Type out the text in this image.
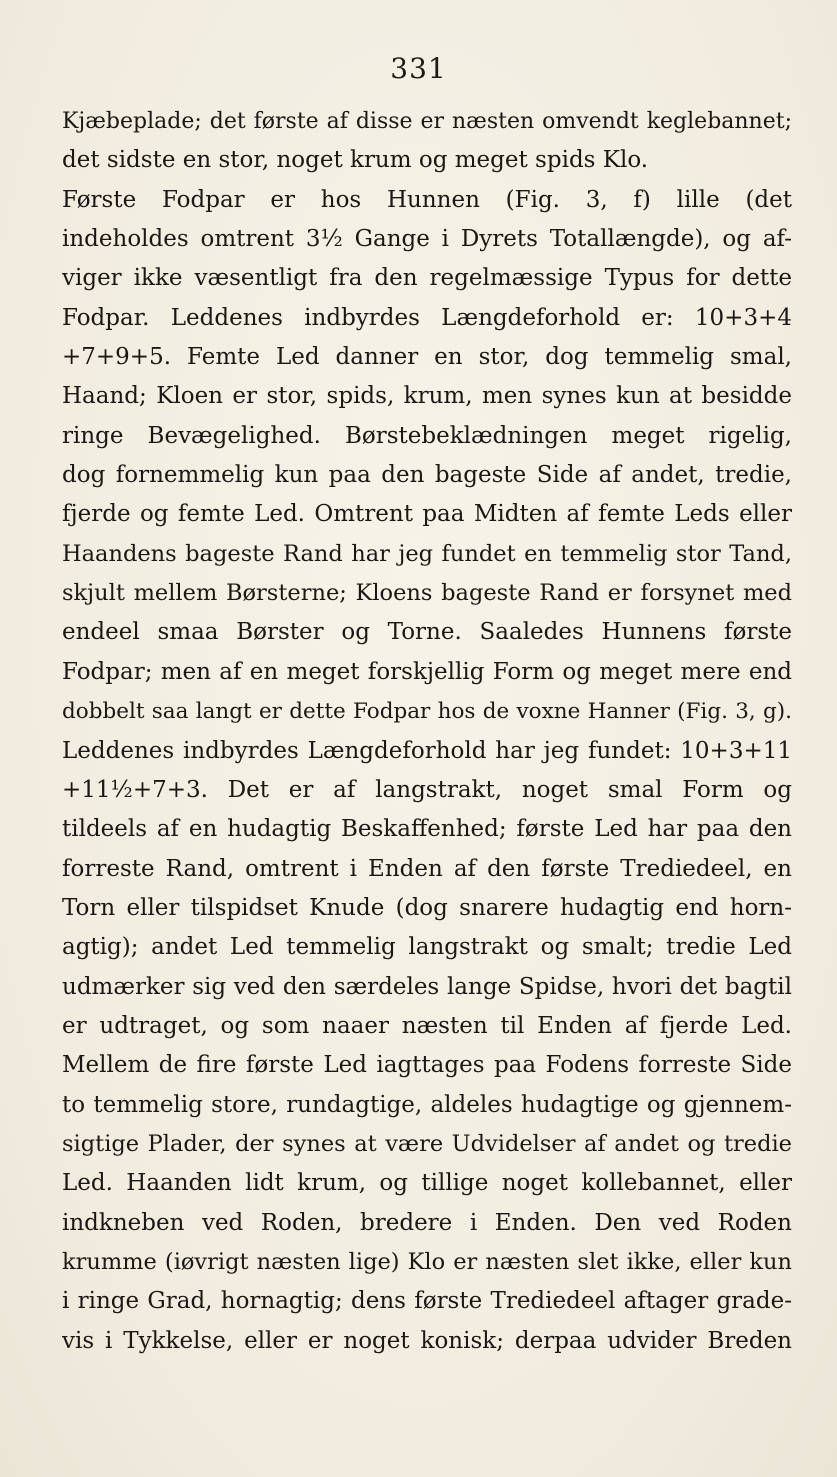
331
Kjæbeplade; det første af disse er næsten omvendt keglebannet;
det sidste en stor, noget krum og meget spids Klo.
Første Fodpar er hos Hunnen (Fig. 3, f) lille (det
indeholdes omtrent 3½ Gange i Dyrets Totallængde), og af-
viger ikke væsentligt fra den regelmæssige Typus for dette
Fodpar. Leddenes indbyrdes Længdeforhold er: 10+3+4
+7+9+5. Femte Led danner en stor, dog temmelig smal,
Haand; Kloen er stor, spids, krum, men synes kun at besidde
ringe Bevægelighed. Børstebeklædningen meget rigelig,
dog fornemmelig kun paa den bageste Side af andet, tredie,
fjerde og femte Led. Omtrent paa Midten af femte Leds eller
Haandens bageste Rand har jeg fundet en temmelig stor Tand,
skjult mellem Børsterne; Kloens bageste Rand er forsynet med
endeel smaa Børster og Torne. Saaledes Hunnens første
Fodpar; men af en meget forskjellig Form og meget mere end
dobbelt saa langt er dette Fodpar hos de voxne Hanner (Fig. 3, g).
Leddenes indbyrdes Længdeforhold har jeg fundet: 10+3+11
+11½+7+3. Det er af langstrakt, noget smal Form og
tildeels af en hudagtig Beskaffenhed; første Led har paa den
forreste Rand, omtrent i Enden af den første Trediedeel, en
Torn eller tilspidset Knude (dog snarere hudagtig end horn-
agtig); andet Led temmelig langstrakt og smalt; tredie Led
udmærker sig ved den særdeles lange Spidse, hvori det bagtil
er udtraget, og som naaer næsten til Enden af fjerde Led.
Mellem de fire første Led iagttages paa Fodens forreste Side
to temmelig store, rundagtige, aldeles hudagtige og gjennem-
sigtige Plader, der synes at være Udvidelser af andet og tredie
Led. Haanden lidt krum, og tillige noget kollebannet, eller
indkneben ved Roden, bredere i Enden. Den ved Roden
krumme (iøvrigt næsten lige) Klo er næsten slet ikke, eller kun
i ringe Grad, hornagtig; dens første Trediedeel aftager grade-
vis i Tykkelse, eller er noget konisk; derpaa udvider Breden
